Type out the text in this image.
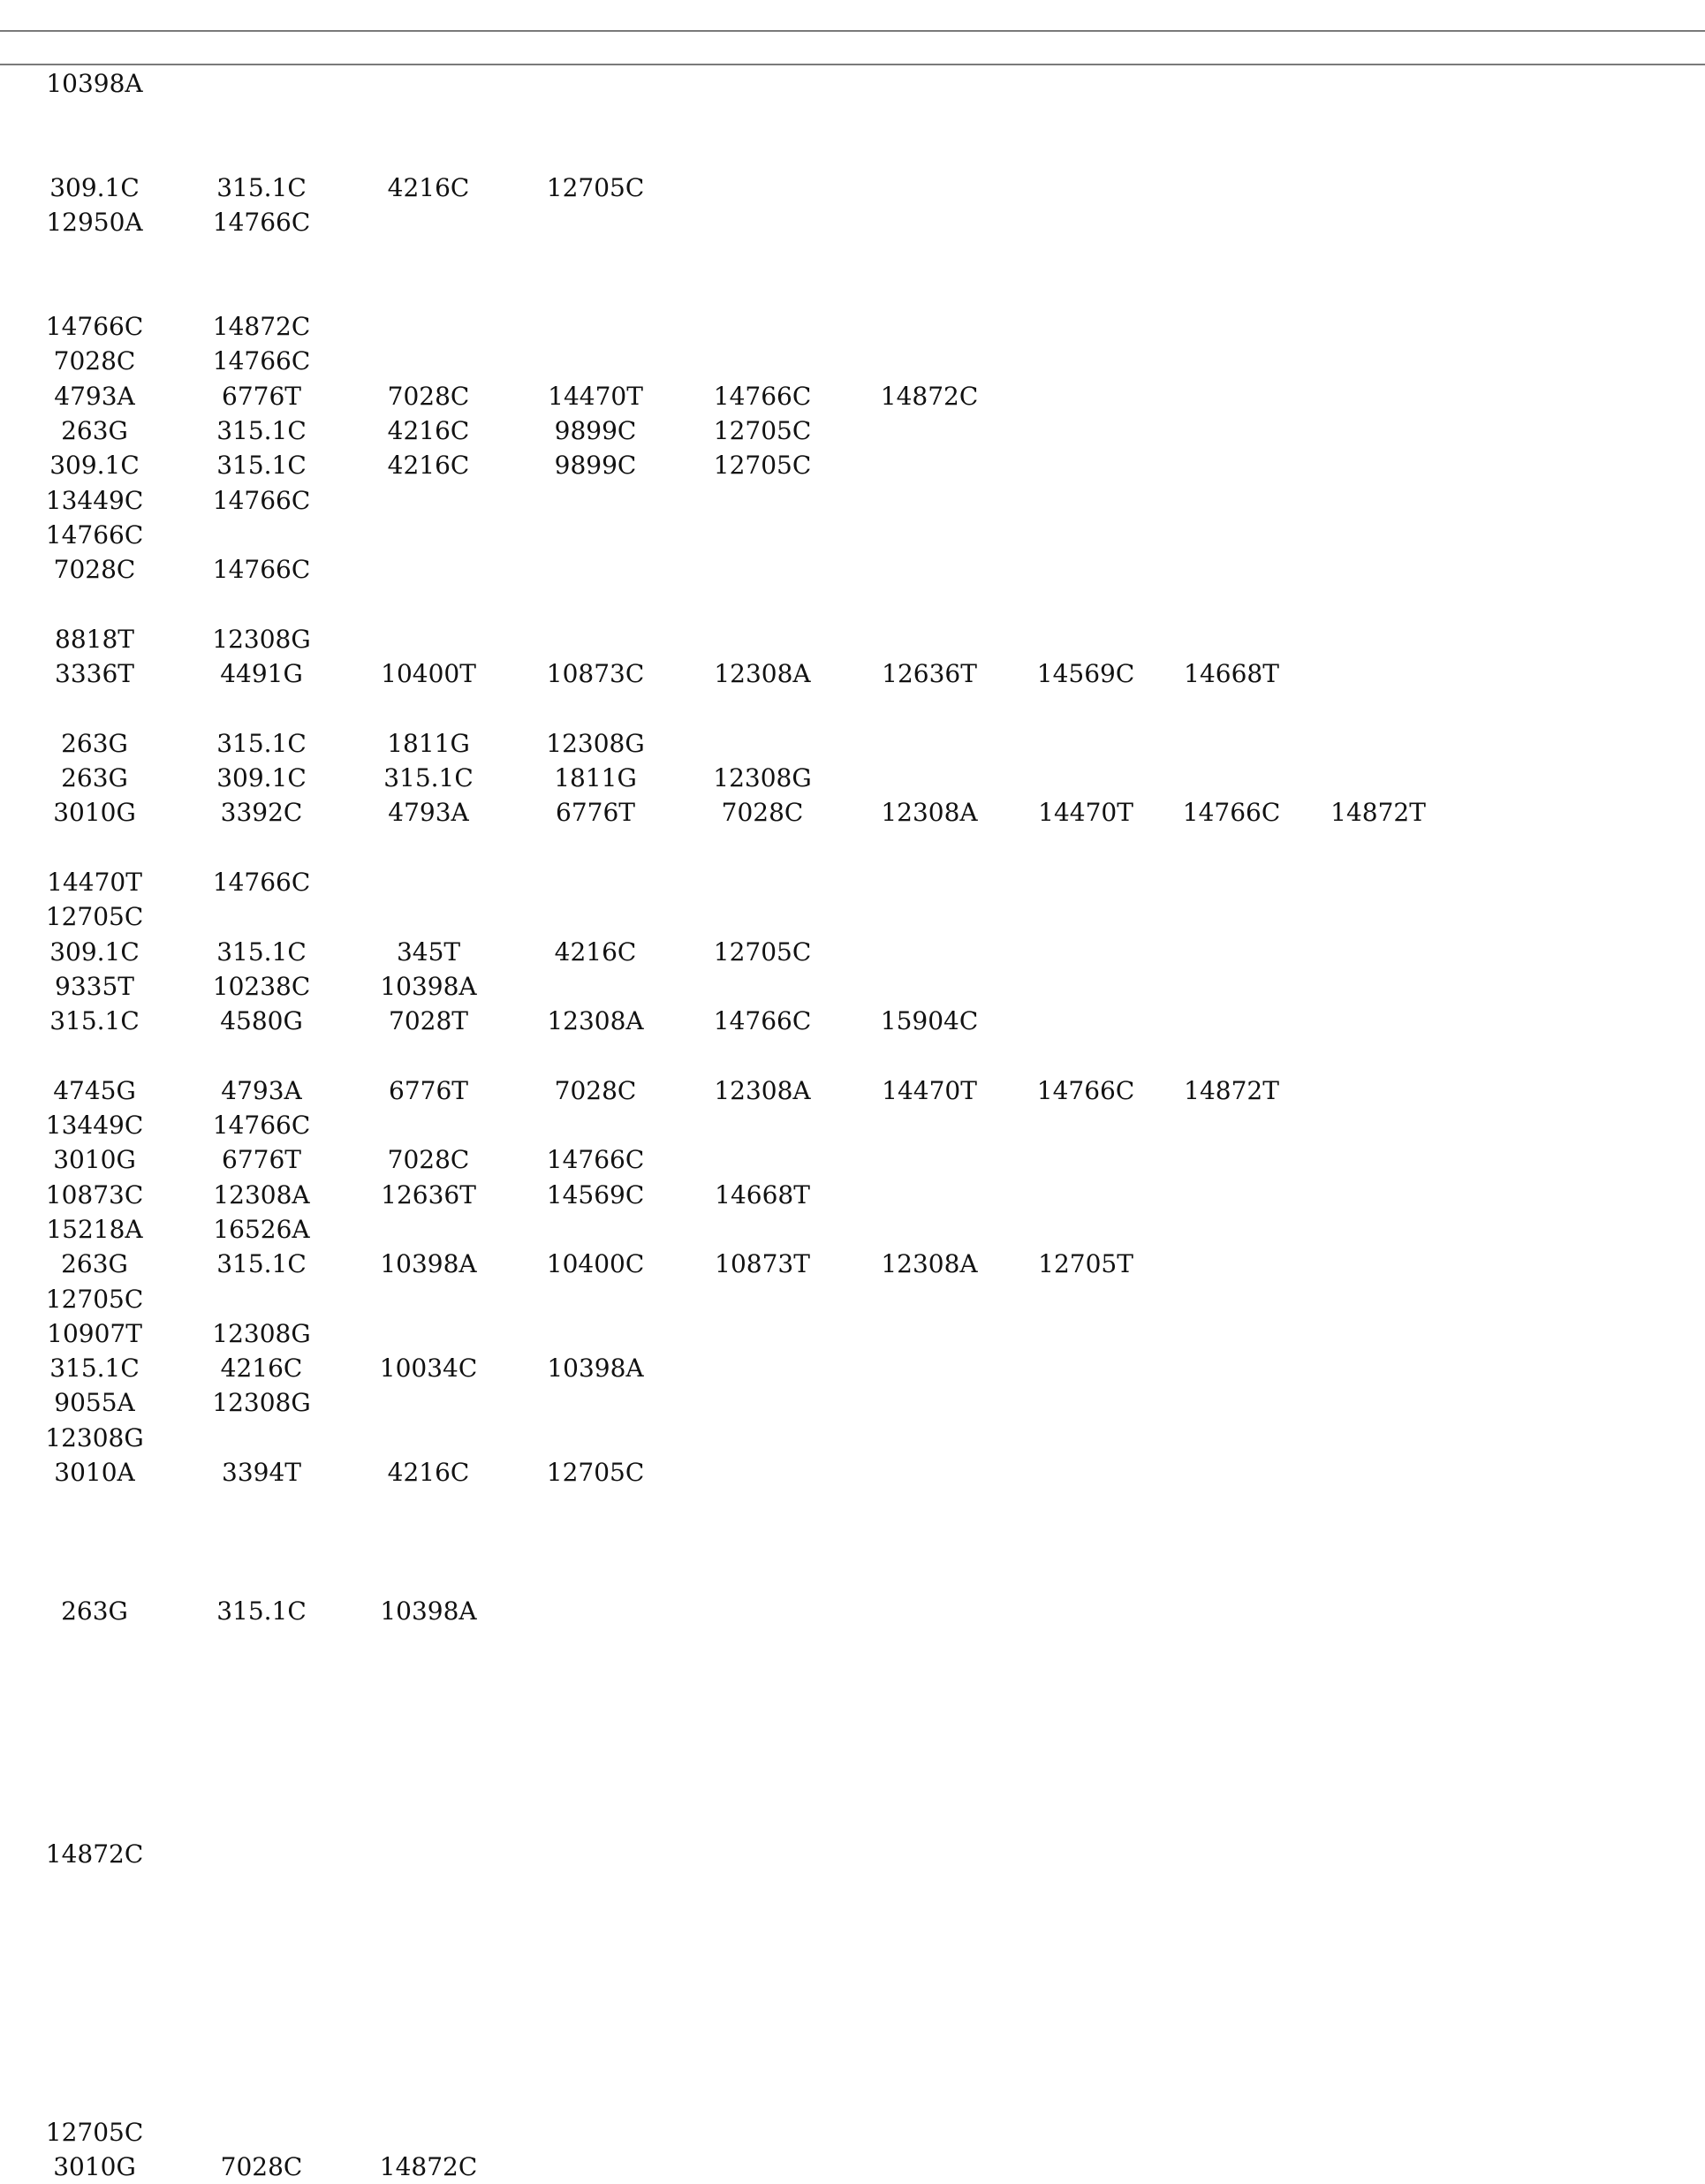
10398A
309.1C	315.1C	4216C	12705C
12950A	14766C
14766C	14872C
7028C	14766C
4793A	6776T	7028C	14470T	14766C	14872C
263G	315.1C	4216C	9899C	12705C
309.1C	315.1C	4216C	9899C	12705C
13449C	14766C
14766C
7028C	14766C
8818T	12308G
3336T	4491G	10400T	10873C	12308A	12636T	14569C	14668T
263G	315.1C	1811G	12308G
263G	309.1C	315.1C	1811G	12308G
3010G	3392C	4793A	6776T	7028C	12308A	14470T	14766C	14872T
14470T	14766C
12705C
309.1C	315.1C	345T	4216C	12705C
9335T	10238C	10398A
315.1C	4580G	7028T	12308A	14766C	15904C
4745G	4793A	6776T	7028C	12308A	14470T	14766C	14872T
13449C	14766C
3010G	6776T	7028C	14766C
10873C	12308A	12636T	14569C	14668T
15218A	16526A
263G	315.1C	10398A	10400C	10873T	12308A	12705T
12705C
10907T	12308G
315.1C	4216C	10034C	10398A
9055A	12308G
12308G
3010A	3394T	4216C	12705C
263G	315.1C	10398A
14872C
12705C
3010G	7028C	14872C
